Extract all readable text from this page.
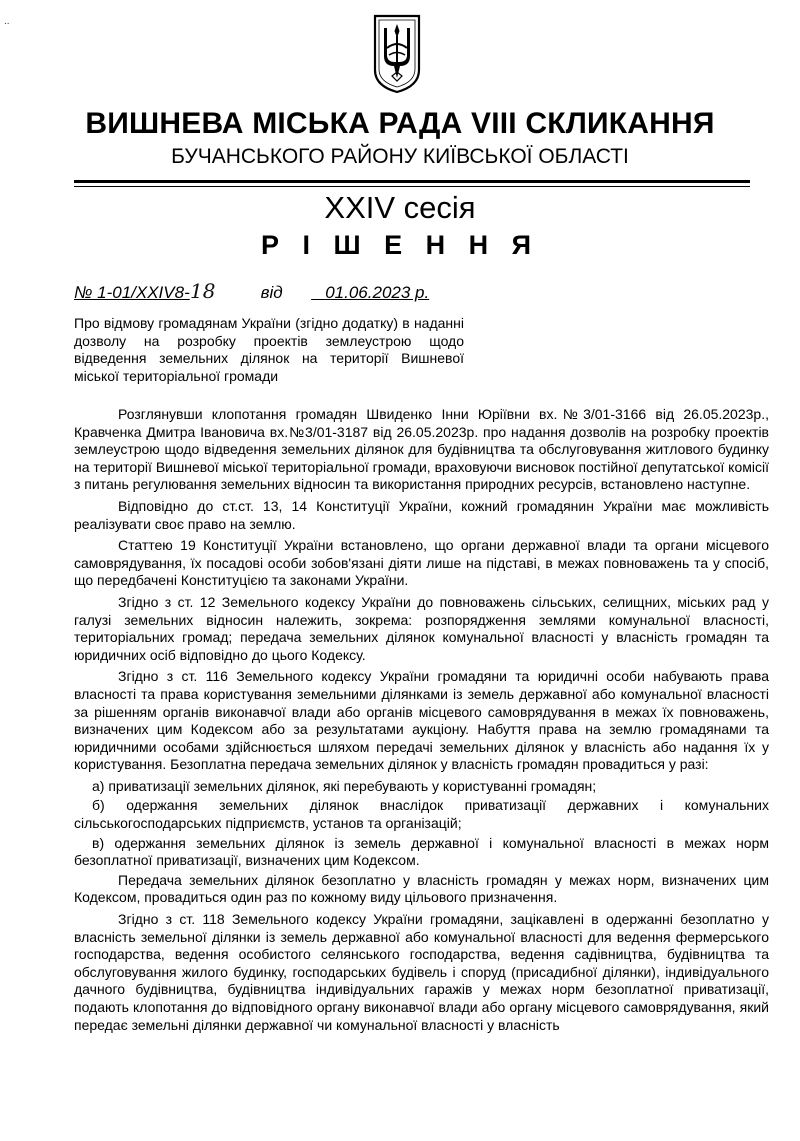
..
ВИШНЕВА МІСЬКА РАДА VIII СКЛИКАННЯ
БУЧАНСЬКОГО РАЙОНУ КИЇВСЬКОЇ ОБЛАСТІ
XXIV сесія
Р І Ш Е Н Н Я
№ 1-01/XXIV8-18	від	01.06.2023 р.
Про відмову громадянам України (згідно додатку) в наданні дозволу на розробку проектів землеустрою щодо відведення земельних ділянок на території Вишневої міської територіальної громади

Розглянувши клопотання громадян Швиденко Інни Юріївни вх.№3/01-3166 від 26.05.2023р., Кравченка Дмитра Івановича вх.№3/01-3187 від 26.05.2023р. про надання дозволів на розробку проектів землеустрою щодо відведення земельних ділянок для будівництва та обслуговування житлового будинку на території Вишневої міської територіальної громади, враховуючи висновок постійної депутатської комісії з питань регулювання земельних відносин та використання природних ресурсів, встановлено наступне.

Відповідно до ст.ст. 13, 14 Конституції України, кожний громадянин України має можливість реалізувати своє право на землю.

Статтею 19 Конституції України встановлено, що органи державної влади та органи місцевого самоврядування, їх посадові особи зобов'язані діяти лише на підставі, в межах повноважень та у спосіб, що передбачені Конституцією та законами України.

Згідно з ст. 12 Земельного кодексу України до повноважень сільських, селищних, міських рад у галузі земельних відносин належить, зокрема: розпорядження землями комунальної власності, територіальних громад; передача земельних ділянок комунальної власності у власність громадян та юридичних осіб відповідно до цього Кодексу.

Згідно з ст. 116 Земельного кодексу України громадяни та юридичні особи набувають права власності та права користування земельними ділянками із земель державної або комунальної власності за рішенням органів виконавчої влади або органів місцевого самоврядування в межах їх повноважень, визначених цим Кодексом або за результатами аукціону. Набуття права на землю громадянами та юридичними особами здійснюється шляхом передачі земельних ділянок у власність або надання їх у користування. Безоплатна передача земельних ділянок у власність громадян провадиться у разі:

а) приватизації земельних ділянок, які перебувають у користуванні громадян;

б) одержання земельних ділянок внаслідок приватизації державних і комунальних сільськогосподарських підприємств, установ та організацій;

в) одержання земельних ділянок із земель державної і комунальної власності в межах норм безоплатної приватизації, визначених цим Кодексом.

Передача земельних ділянок безоплатно у власність громадян у межах норм, визначених цим Кодексом, провадиться один раз по кожному виду цільового призначення.

Згідно з ст. 118 Земельного кодексу України громадяни, зацікавлені в одержанні безоплатно у власність земельної ділянки із земель державної або комунальної власності для ведення фермерського господарства, ведення особистого селянського господарства, ведення садівництва, будівництва та обслуговування жилого будинку, господарських будівель і споруд (присадибної ділянки), індивідуального дачного будівництва, будівництва індивідуальних гаражів у межах норм безоплатної приватизації, подають клопотання до відповідного органу виконавчої влади або органу місцевого самоврядування, який передає земельні ділянки державної чи комунальної власності у власність
